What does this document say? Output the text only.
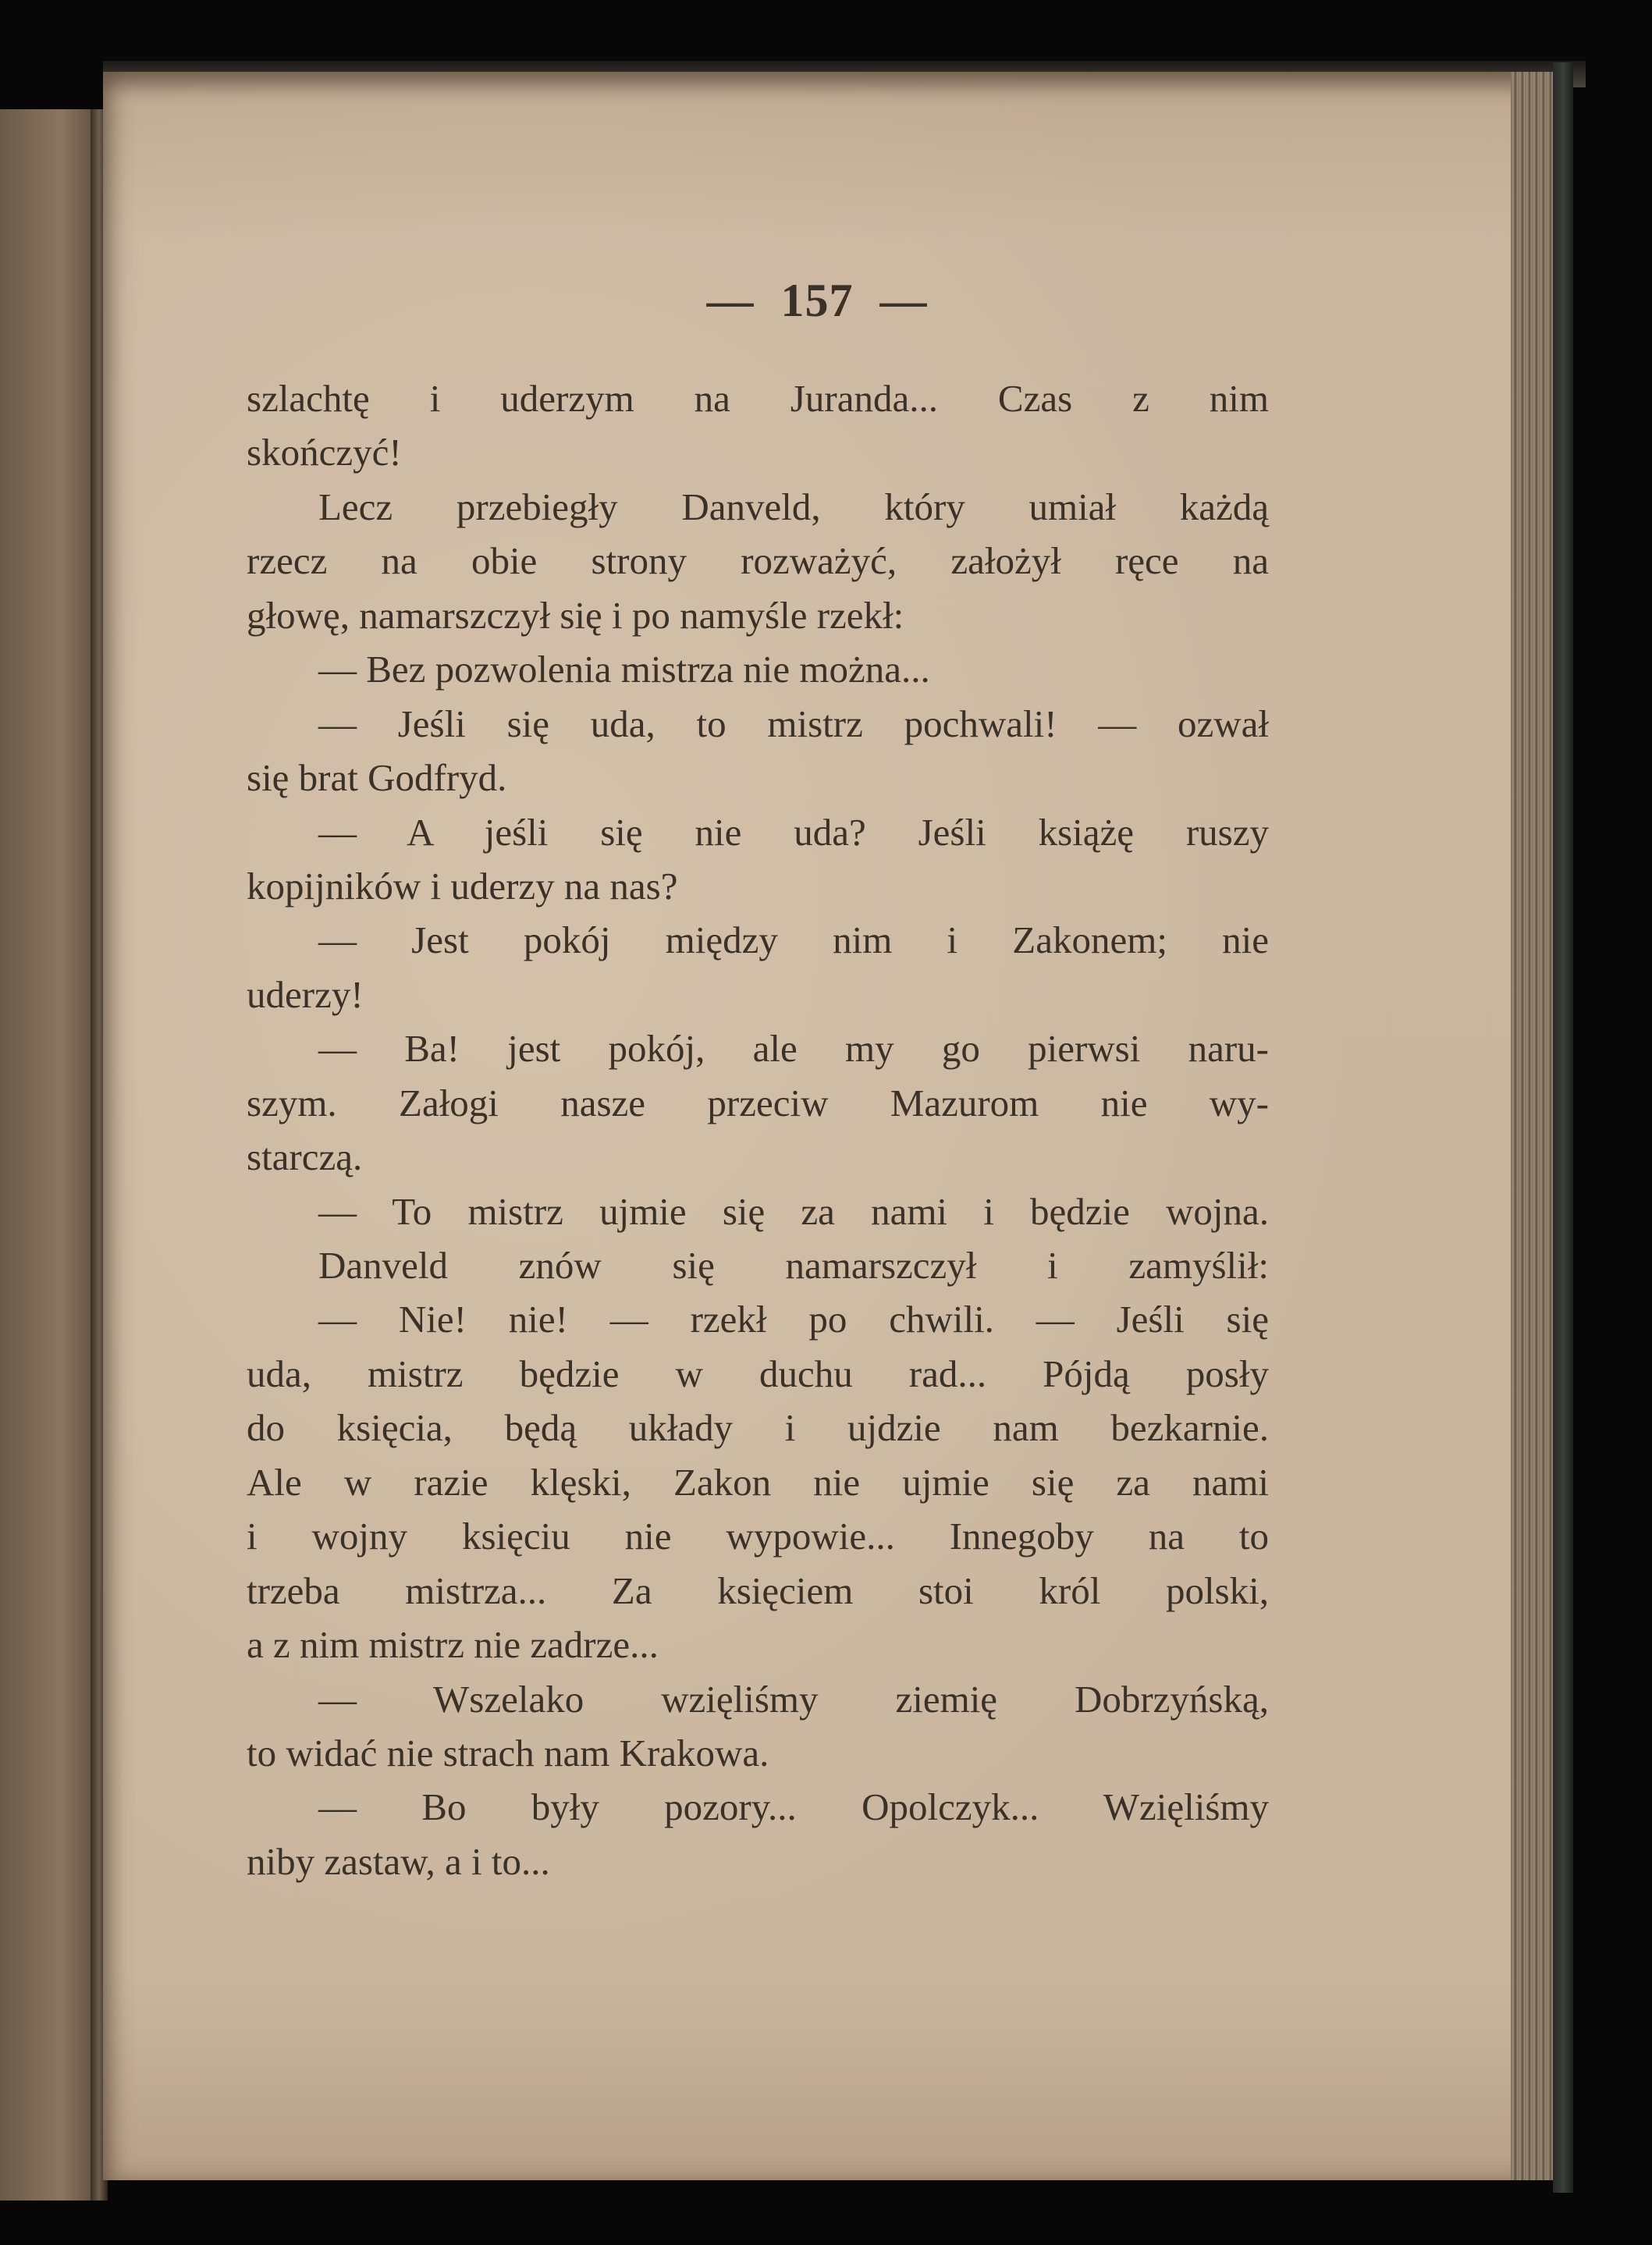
— 157 —
szlachtę i uderzym na Juranda... Czas z nim
skończyć!
Lecz przebiegły Danveld, który umiał każdą
rzecz na obie strony rozważyć, założył ręce na
głowę, namarszczył się i po namyśle rzekł:
— Bez pozwolenia mistrza nie można...
— Jeśli się uda, to mistrz pochwali! — ozwał
się brat Godfryd.
— A jeśli się nie uda? Jeśli książę ruszy
kopijników i uderzy na nas?
— Jest pokój między nim i Zakonem; nie
uderzy!
— Ba! jest pokój, ale my go pierwsi naru-
szym. Załogi nasze przeciw Mazurom nie wy-
starczą.
— To mistrz ujmie się za nami i będzie wojna.
Danveld znów się namarszczył i zamyślił:
— Nie! nie! — rzekł po chwili. — Jeśli się
uda, mistrz będzie w duchu rad... Pójdą posły
do księcia, będą układy i ujdzie nam bezkarnie.
Ale w razie klęski, Zakon nie ujmie się za nami
i wojny księciu nie wypowie... Innegoby na to
trzeba mistrza... Za księciem stoi król polski,
a z nim mistrz nie zadrze...
— Wszelako wzięliśmy ziemię Dobrzyńską,
to widać nie strach nam Krakowa.
— Bo były pozory... Opolczyk... Wzięliśmy
niby zastaw, a i to...
